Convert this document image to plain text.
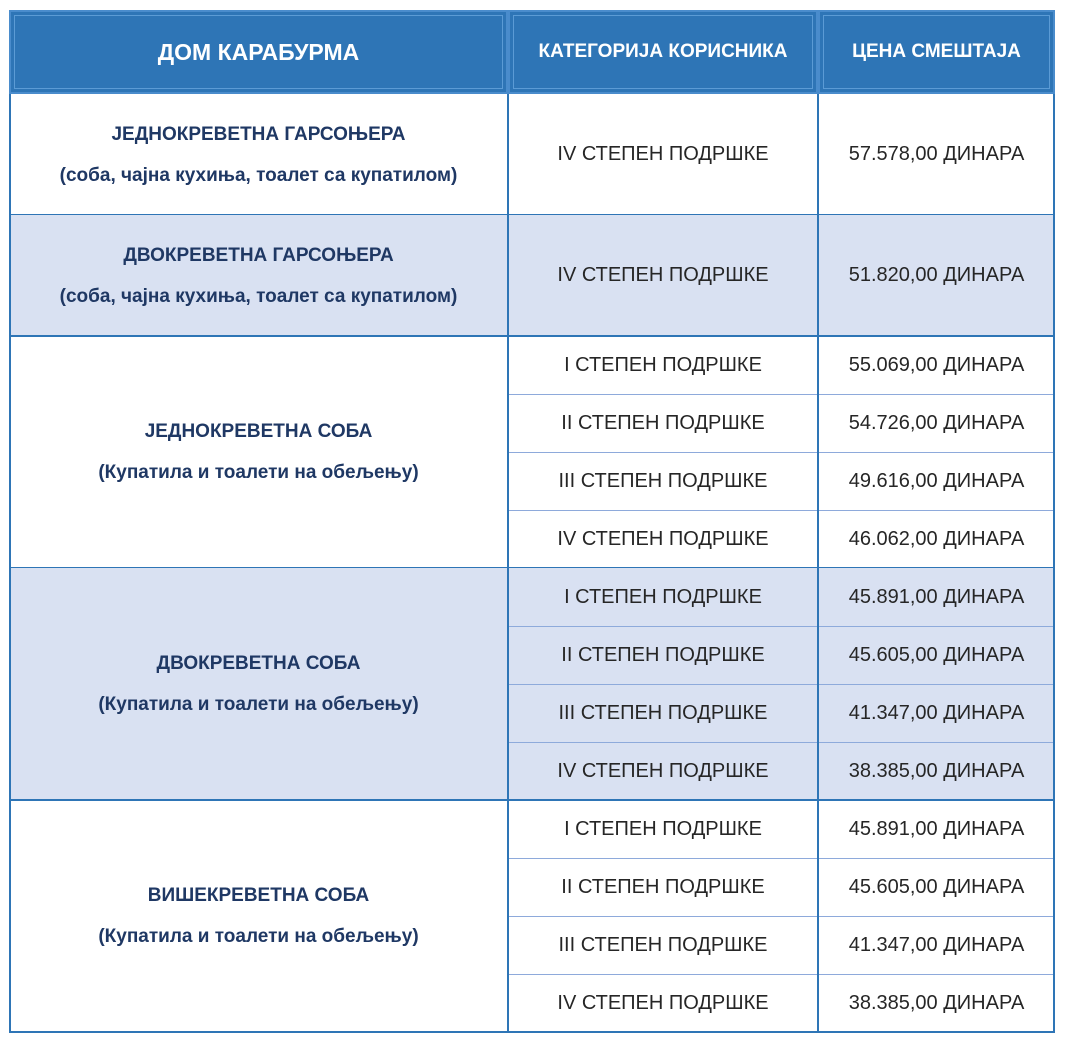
ДОМ КАРАБУРМА	КАТЕГОРИЈА КОРИСНИКА	ЦЕНА СМЕШТАЈА
ЈЕДНОКРЕВЕТНА ГАРСОЊЕРА
(соба, чајна кухиња, тоалет са купатилом)
IV СТЕПЕН ПОДРШКЕ	57.578,00 ДИНАРА
ДВОКРЕВЕТНА ГАРСОЊЕРА
(соба, чајна кухиња, тоалет са купатилом)
IV СТЕПЕН ПОДРШКЕ	51.820,00 ДИНАРА
ЈЕДНОКРЕВЕТНА СОБА
(Купатила и тоалети на обељењу)
I СТЕПЕН ПОДРШКЕ	55.069,00 ДИНАРА
II СТЕПЕН ПОДРШКЕ	54.726,00 ДИНАРА
III СТЕПЕН ПОДРШКЕ	49.616,00 ДИНАРА
IV СТЕПЕН ПОДРШКЕ	46.062,00 ДИНАРА
ДВОКРЕВЕТНА СОБА
(Купатила и тоалети на обељењу)
I СТЕПЕН ПОДРШКЕ	45.891,00 ДИНАРА
II СТЕПЕН ПОДРШКЕ	45.605,00 ДИНАРА
III СТЕПЕН ПОДРШКЕ	41.347,00 ДИНАРА
IV СТЕПЕН ПОДРШКЕ	38.385,00 ДИНАРА
ВИШЕКРЕВЕТНА СОБА
(Купатила и тоалети на обељењу)
I СТЕПЕН ПОДРШКЕ	45.891,00 ДИНАРА
II СТЕПЕН ПОДРШКЕ	45.605,00 ДИНАРА
III СТЕПЕН ПОДРШКЕ	41.347,00 ДИНАРА
IV СТЕПЕН ПОДРШКЕ	38.385,00 ДИНАРА
